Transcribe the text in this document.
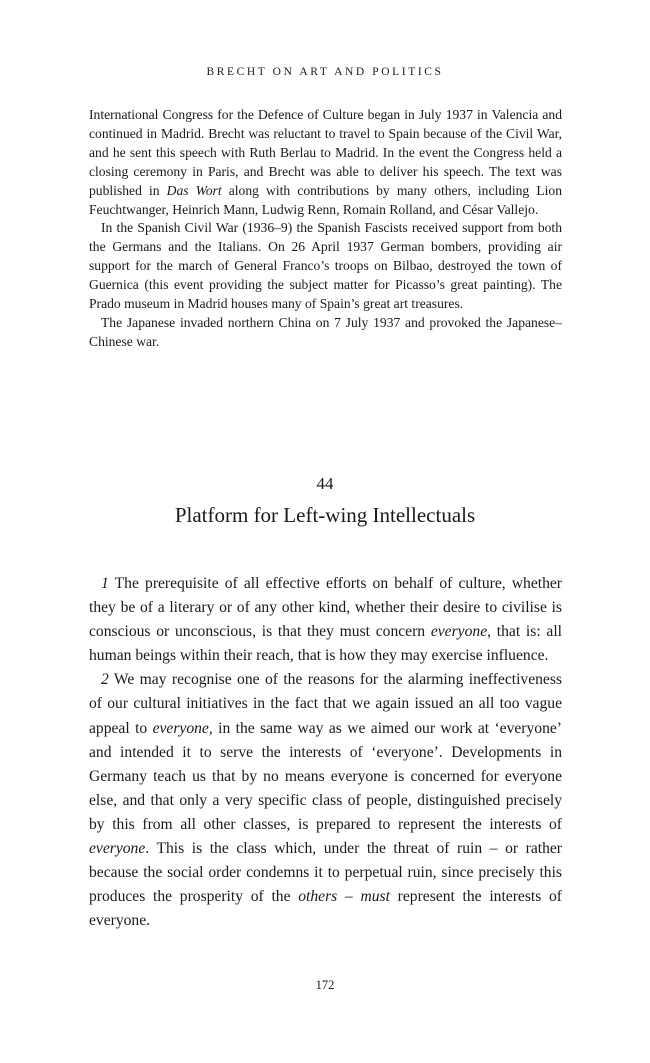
BRECHT ON ART AND POLITICS

International Congress for the Defence of Culture began in July 1937 in Valencia and continued in Madrid. Brecht was reluctant to travel to Spain because of the Civil War, and he sent this speech with Ruth Berlau to Madrid. In the event the Congress held a closing ceremony in Paris, and Brecht was able to deliver his speech. The text was published in Das Wort along with contributions by many others, including Lion Feuchtwanger, Heinrich Mann, Ludwig Renn, Romain Rolland, and César Vallejo.

In the Spanish Civil War (1936–9) the Spanish Fascists received support from both the Germans and the Italians. On 26 April 1937 German bombers, providing air support for the march of General Franco’s troops on Bilbao, destroyed the town of Guernica (this event providing the subject matter for Picasso’s great painting). The Prado museum in Madrid houses many of Spain’s great art treasures.

The Japanese invaded northern China on 7 July 1937 and provoked the Japanese–Chinese war.

44
Platform for Left-wing Intellectuals

1 The prerequisite of all effective efforts on behalf of culture, whether they be of a literary or of any other kind, whether their desire to civilise is conscious or unconscious, is that they must concern everyone, that is: all human beings within their reach, that is how they may exercise influence.

2 We may recognise one of the reasons for the alarming ineffectiveness of our cultural initiatives in the fact that we again issued an all too vague appeal to everyone, in the same way as we aimed our work at ‘everyone’ and intended it to serve the interests of ‘everyone’. Developments in Germany teach us that by no means everyone is concerned for everyone else, and that only a very specific class of people, distinguished precisely by this from all other classes, is prepared to represent the interests of everyone. This is the class which, under the threat of ruin – or rather because the social order condemns it to perpetual ruin, since precisely this produces the prosperity of the others – must represent the interests of everyone.

172
